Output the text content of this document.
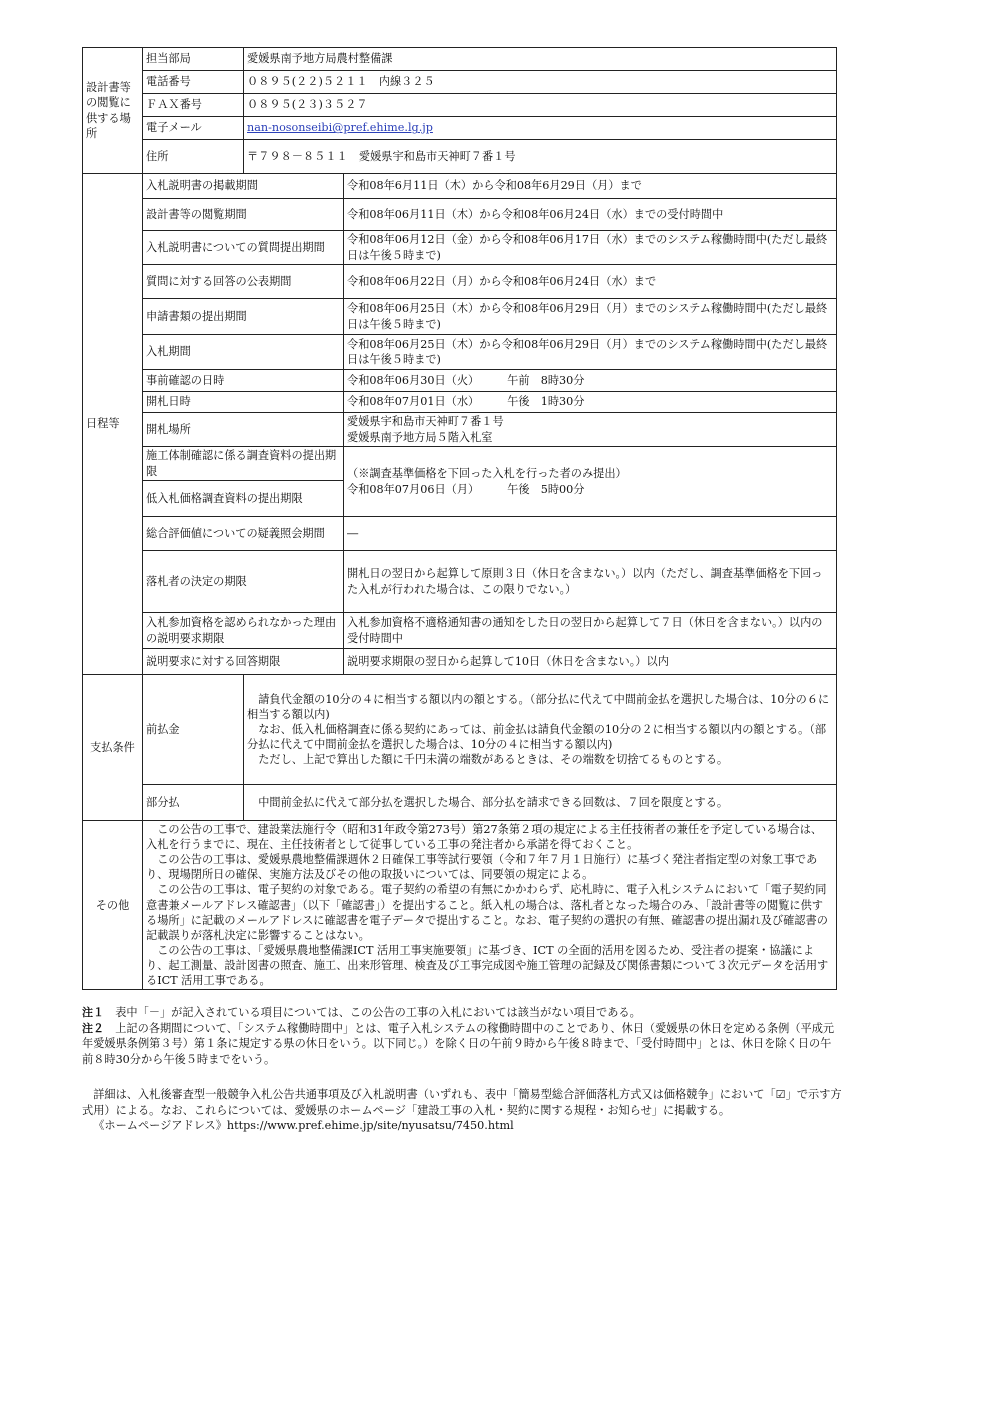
設計書等の閲覧に供する場所	担当部局	愛媛県南予地方局農村整備課	
	電話番号	０８９５(２２)５２１１　内線３２５	
	ＦＡＸ番号	０８９５(２３)３５２７	
	電子メール	nan-nosonseibi@pref.ehime.lg.jp	
	住所	〒７９８－８５１１　愛媛県宇和島市天神町７番１号	
日程等	入札説明書の掲載期間		令和08年6月11日（木）から令和08年6月29日（月）まで
	設計書等の閲覧期間		令和08年06月11日（木）から令和08年06月24日（水）までの受付時間中
	入札説明書についての質問提出期間		令和08年06月12日（金）から令和08年06月17日（水）までのシステム稼働時間中(ただし最終日は午後５時まで)
	質問に対する回答の公表期間		令和08年06月22日（月）から令和08年06月24日（水）まで
	申請書類の提出期間		令和08年06月25日（木）から令和08年06月29日（月）までのシステム稼働時間中(ただし最終日は午後５時まで)
	入札期間		令和08年06月25日（木）から令和08年06月29日（月）までのシステム稼働時間中(ただし最終日は午後５時まで)
	事前確認の日時		令和08年06月30日（火）　　　午前　8時30分
	開札日時		令和08年07月01日（水）　　　午後　1時30分
	開札場所		愛媛県宇和島市天神町７番１号
愛媛県南予地方局５階入札室

	施工体制確認に係る調査資料の提出期限		（※調査基準価格を下回った入札を行った者のみ提出）
令和08年07月06日（月）　　　午後　5時00分

	低入札価格調査資料の提出期限		
	総合評価値についての疑義照会期間		―
	落札者の決定の期限		開札日の翌日から起算して原則３日（休日を含まない。）以内（ただし、調査基準価格を下回った入札が行われた場合は、この限りでない。）
	入札参加資格を認められなかった理由の説明要求期限		入札参加資格不適格通知書の通知をした日の翌日から起算して７日（休日を含まない。）以内の受付時間中
	説明要求に対する回答期限		説明要求期限の翌日から起算して10日（休日を含まない。）以内
支払条件	前払金	請負代金額の10分の４に相当する額以内の額とする。（部分払に代えて中間前金払を選択した場合は、10分の６に相当する額以内)

なお、低入札価格調査に係る契約にあっては、前金払は請負代金額の10分の２に相当する額以内の額とする。（部分払に代えて中間前金払を選択した場合は、10分の４に相当する額以内)

ただし、上記で算出した額に千円未満の端数があるときは、その端数を切捨てるものとする。	

	部分払	中間前金払に代えて部分払を選択した場合、部分払を請求できる回数は、７回を限度とする。	

その他	この公告の工事で、建設業法施行令（昭和31年政令第273号）第27条第２項の規定による主任技術者の兼任を予定している場合は、入札を行うまでに、現在、主任技術者として従事している工事の発注者から承諾を得ておくこと。

この公告の工事は、愛媛県農地整備課週休２日確保工事等試行要領（令和７年７月１日施行）に基づく発注者指定型の対象工事であり、現場閉所日の確保、実施方法及びその他の取扱いについては、同要領の規定による。

この公告の工事は、電子契約の対象である。電子契約の希望の有無にかかわらず、応札時に、電子入札システムにおいて「電子契約同意書兼メールアドレス確認書」（以下「確認書」）を提出すること。紙入札の場合は、落札者となった場合のみ、「設計書等の閲覧に供する場所」に記載のメールアドレスに確認書を電子データで提出すること。なお、電子契約の選択の有無、確認書の提出漏れ及び確認書の記載誤りが落札決定に影響することはない。

この公告の工事は、「愛媛県農地整備課ICT 活用工事実施要領」に基づき、ICT の全面的活用を図るため、受注者の提案・協議により、起工測量、設計図書の照査、施工、出来形管理、検査及び工事完成図や施工管理の記録及び関係書類について３次元データを活用するICT 活用工事である。		

注１　表中「－」が記入されている項目については、この公告の工事の入札においては該当がない項目である。

注２　上記の各期間について、「システム稼働時間中」とは、電子入札システムの稼働時間中のことであり、休日（愛媛県の休日を定める条例（平成元年愛媛県条例第３号）第１条に規定する県の休日をいう。以下同じ。）を除く日の午前９時から午後８時まで、「受付時間中」とは、休日を除く日の午前８時30分から午後５時までをいう。

詳細は、入札後審査型一般競争入札公告共通事項及び入札説明書（いずれも、表中「簡易型総合評価落札方式又は価格競争」において「☑」で示す方式用）による。なお、これらについては、愛媛県のホームページ「建設工事の入札・契約に関する規程・お知らせ」に掲載する。

《ホームページアドレス》https://www.pref.ehime.jp/site/nyusatsu/7450.html
